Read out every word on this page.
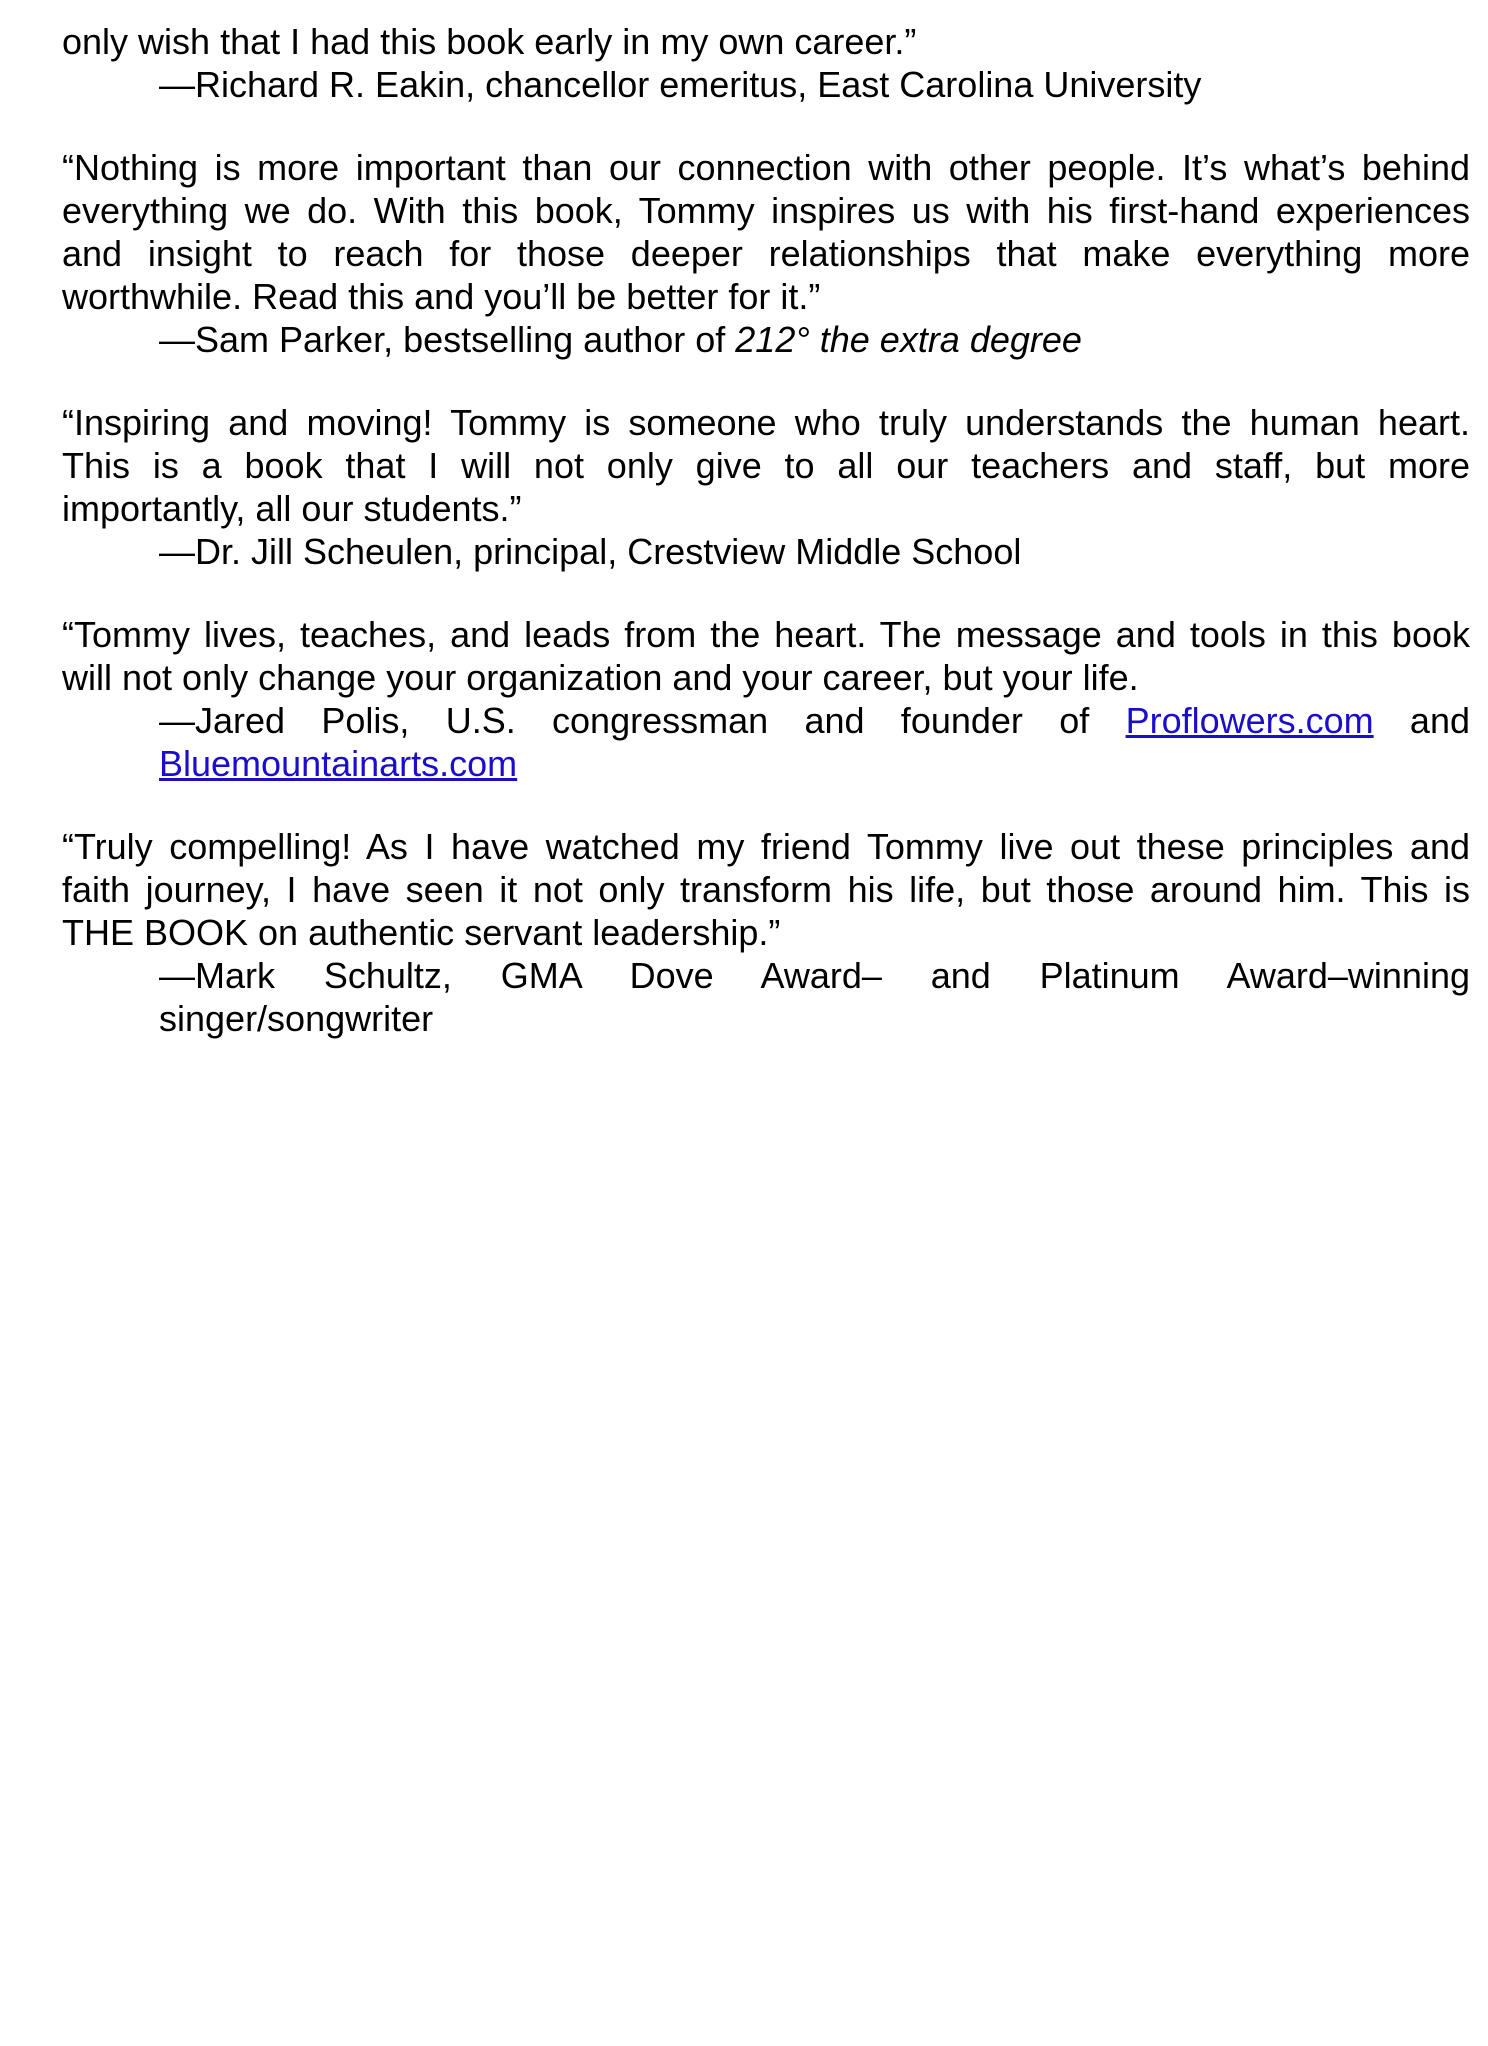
only wish that I had this book early in my own career.”
—Richard R. Eakin, chancellor emeritus, East Carolina University
“Nothing is more important than our connection with other people. It’s what’s behind
everything we do. With this book, Tommy inspires us with his first-hand experiences
and insight to reach for those deeper relationships that make everything more
worthwhile. Read this and you’ll be better for it.”
—Sam Parker, bestselling author of 212° the extra degree
“Inspiring and moving! Tommy is someone who truly understands the human heart.
This is a book that I will not only give to all our teachers and staff, but more
importantly, all our students.”
—Dr. Jill Scheulen, principal, Crestview Middle School
“Tommy lives, teaches, and leads from the heart. The message and tools in this book
will not only change your organization and your career, but your life.
—Jared Polis, U.S. congressman and founder of Proflowers.com and
Bluemountainarts.com
“Truly compelling! As I have watched my friend Tommy live out these principles and
faith journey, I have seen it not only transform his life, but those around him. This is
THE BOOK on authentic servant leadership.”
—Mark Schultz, GMA Dove Award– and Platinum Award–winning
singer/songwriter
